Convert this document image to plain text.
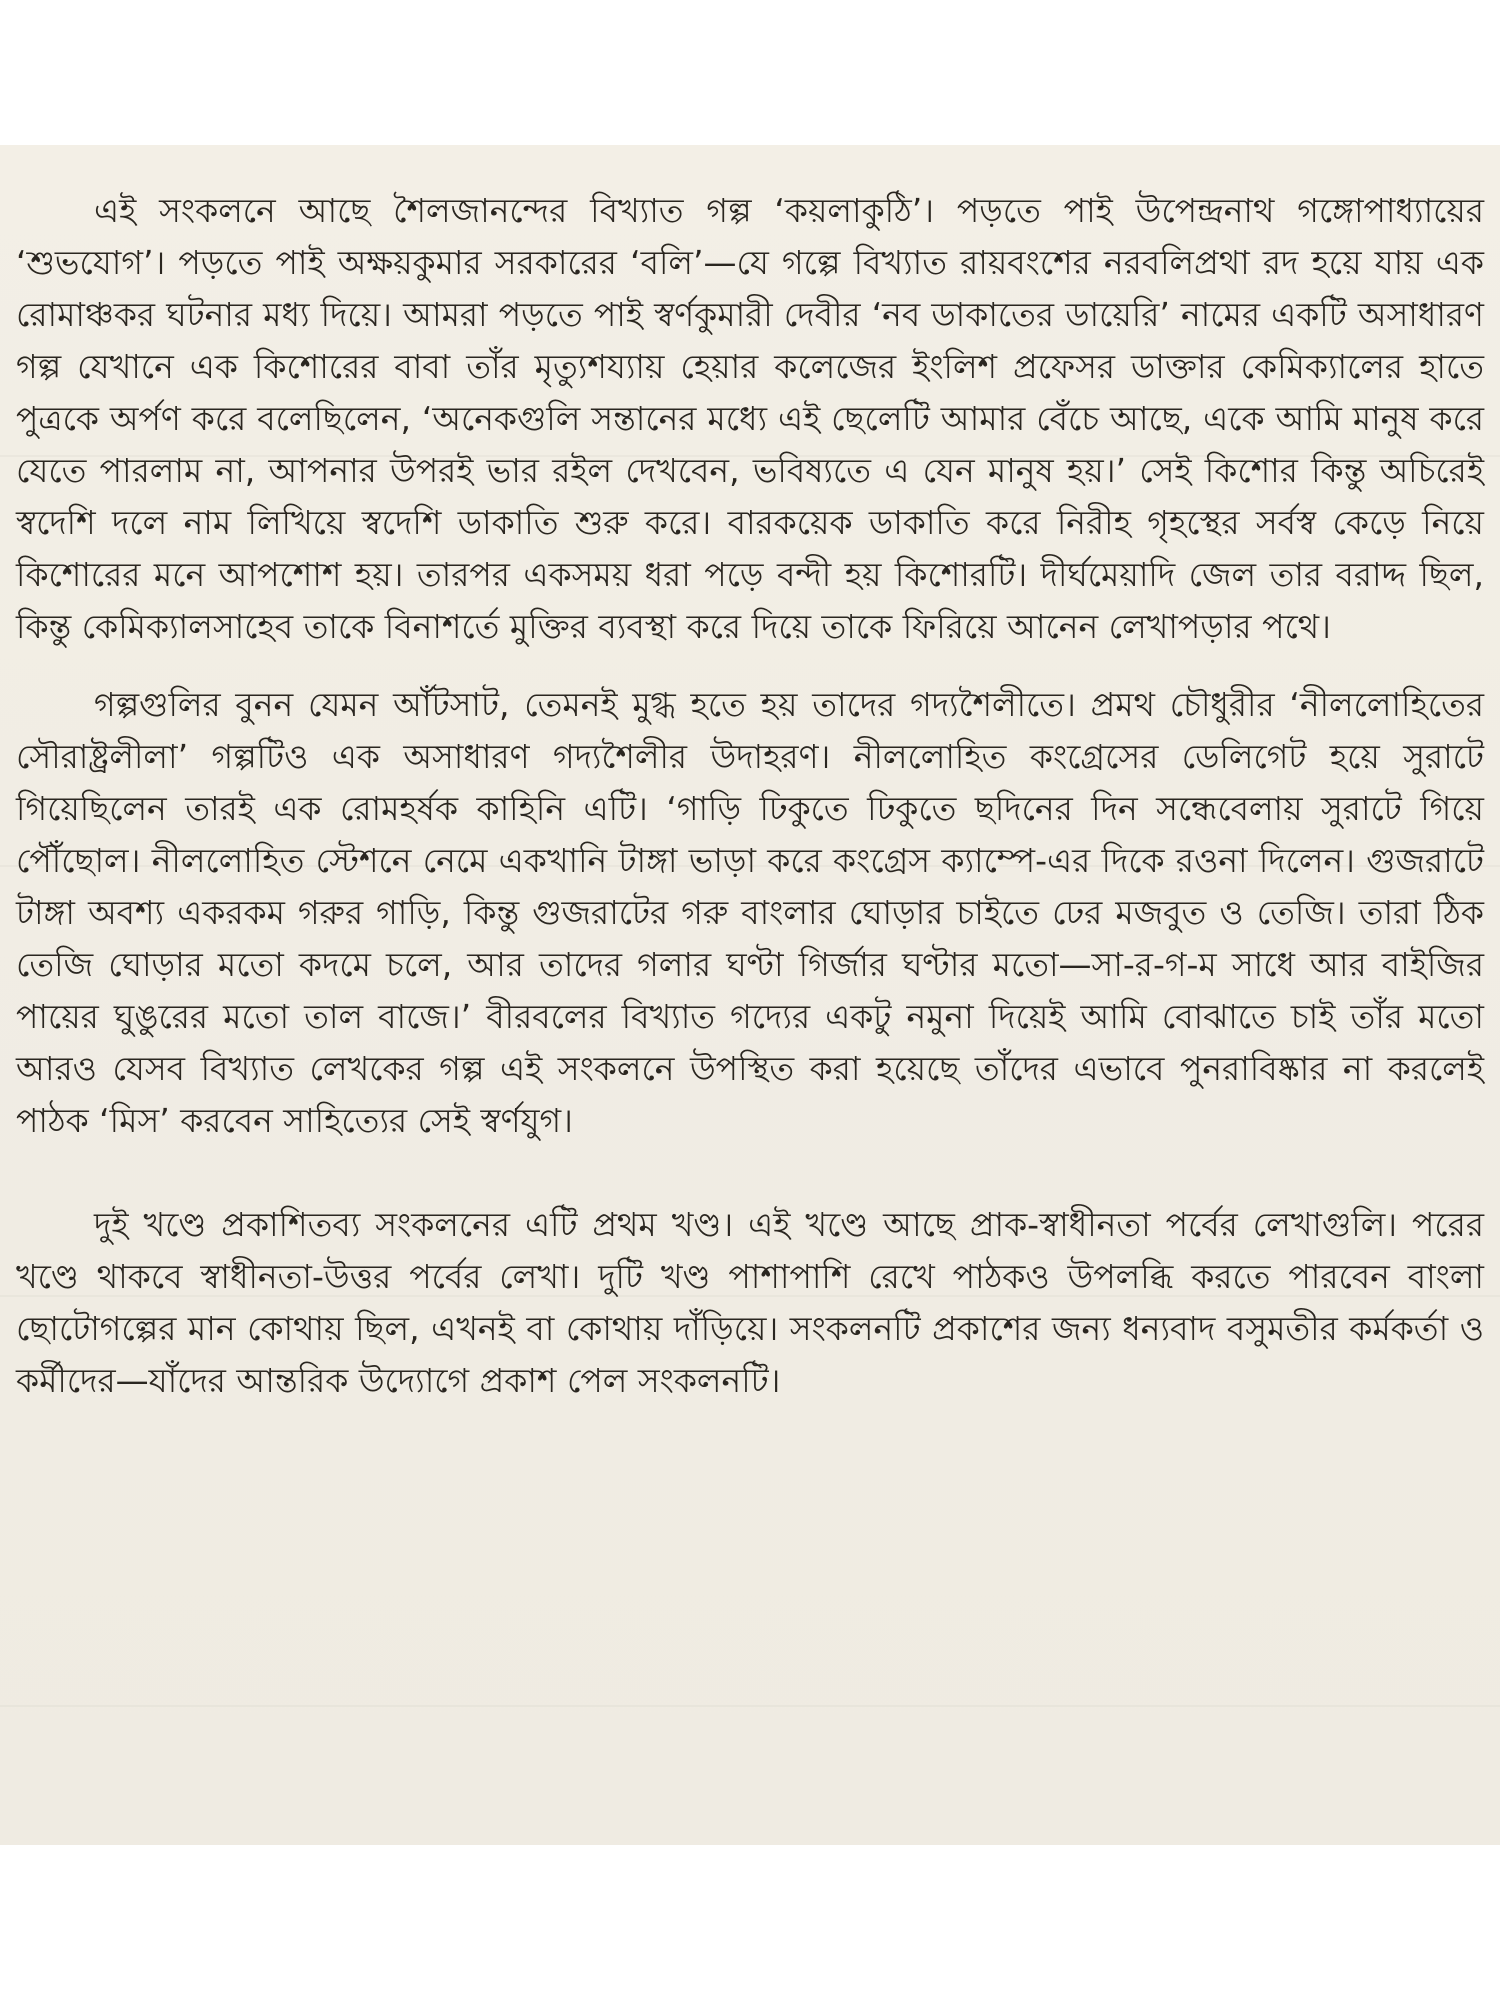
এই সংকলনে আছে শৈলজানন্দের বিখ্যাত গল্প ‘কয়লাকুঠি’। পড়তে পাই উপেন্দ্রনাথ গঙ্গোপাধ্যায়ের ‘শুভযোগ’। পড়তে পাই অক্ষয়কুমার সরকারের ‘বলি’—যে গল্পে বিখ্যাত রায়বংশের নরবলিপ্রথা রদ হয়ে যায় এক রোমাঞ্চকর ঘটনার মধ্য দিয়ে। আমরা পড়তে পাই স্বর্ণকুমারী দেবীর ‘নব ডাকাতের ডায়েরি’ নামের একটি অসাধারণ গল্প যেখানে এক কিশোরের বাবা তাঁর মৃত্যুশয্যায় হেয়ার কলেজের ইংলিশ প্রফেসর ডাক্তার কেমিক্যালের হাতে পুত্রকে অর্পণ করে বলেছিলেন, ‘অনেকগুলি সন্তানের মধ্যে এই ছেলেটি আমার বেঁচে আছে, একে আমি মানুষ করে যেতে পারলাম না, আপনার উপরই ভার রইল দেখবেন, ভবিষ্যতে এ যেন মানুষ হয়।’ সেই কিশোর কিন্তু অচিরেই স্বদেশি দলে নাম লিখিয়ে স্বদেশি ডাকাতি শুরু করে। বারকয়েক ডাকাতি করে নিরীহ গৃহস্থের সর্বস্ব কেড়ে নিয়ে কিশোরের মনে আপশোশ হয়। তারপর একসময় ধরা পড়ে বন্দী হয় কিশোরটি। দীর্ঘমেয়াদি জেল তার বরাদ্দ ছিল, কিন্তু কেমিক্যালসাহেব তাকে বিনাশর্তে মুক্তির ব্যবস্থা করে দিয়ে তাকে ফিরিয়ে আনেন লেখাপড়ার পথে।

গল্পগুলির বুনন যেমন আঁটসাট, তেমনই মুগ্ধ হতে হয় তাদের গদ্যশৈলীতে। প্রমথ চৌধুরীর ‘নীললোহিতের সৌরাষ্ট্রলীলা’ গল্পটিও এক অসাধারণ গদ্যশৈলীর উদাহরণ। নীললোহিত কংগ্রেসের ডেলিগেট হয়ে সুরাটে গিয়েছিলেন তারই এক রোমহর্ষক কাহিনি এটি। ‘গাড়ি ঢিকুতে ঢিকুতে ছদিনের দিন সন্ধেবেলায় সুরাটে গিয়ে পৌঁছোল। নীললোহিত স্টেশনে নেমে একখানি টাঙ্গা ভাড়া করে কংগ্রেস ক্যাম্পে-এর দিকে রওনা দিলেন। গুজরাটে টাঙ্গা অবশ্য একরকম গরুর গাড়ি, কিন্তু গুজরাটের গরু বাংলার ঘোড়ার চাইতে ঢের মজবুত ও তেজি। তারা ঠিক তেজি ঘোড়ার মতো কদমে চলে, আর তাদের গলার ঘণ্টা গির্জার ঘণ্টার মতো—সা-র-গ-ম সাধে আর বাইজির পায়ের ঘুঙুরের মতো তাল বাজে।’ বীরবলের বিখ্যাত গদ্যের একটু নমুনা দিয়েই আমি বোঝাতে চাই তাঁর মতো আরও যেসব বিখ্যাত লেখকের গল্প এই সংকলনে উপস্থিত করা হয়েছে তাঁদের এভাবে পুনরাবিষ্কার না করলেই পাঠক ‘মিস’ করবেন সাহিত্যের সেই স্বর্ণযুগ।

দুই খণ্ডে প্রকাশিতব্য সংকলনের এটি প্রথম খণ্ড। এই খণ্ডে আছে প্রাক-স্বাধীনতা পর্বের লেখাগুলি। পরের খণ্ডে থাকবে স্বাধীনতা-উত্তর পর্বের লেখা। দুটি খণ্ড পাশাপাশি রেখে পাঠকও উপলব্ধি করতে পারবেন বাংলা ছোটোগল্পের মান কোথায় ছিল, এখনই বা কোথায় দাঁড়িয়ে। সংকলনটি প্রকাশের জন্য ধন্যবাদ বসুমতীর কর্মকর্তা ও কর্মীদের—যাঁদের আন্তরিক উদ্যোগে প্রকাশ পেল সংকলনটি।
